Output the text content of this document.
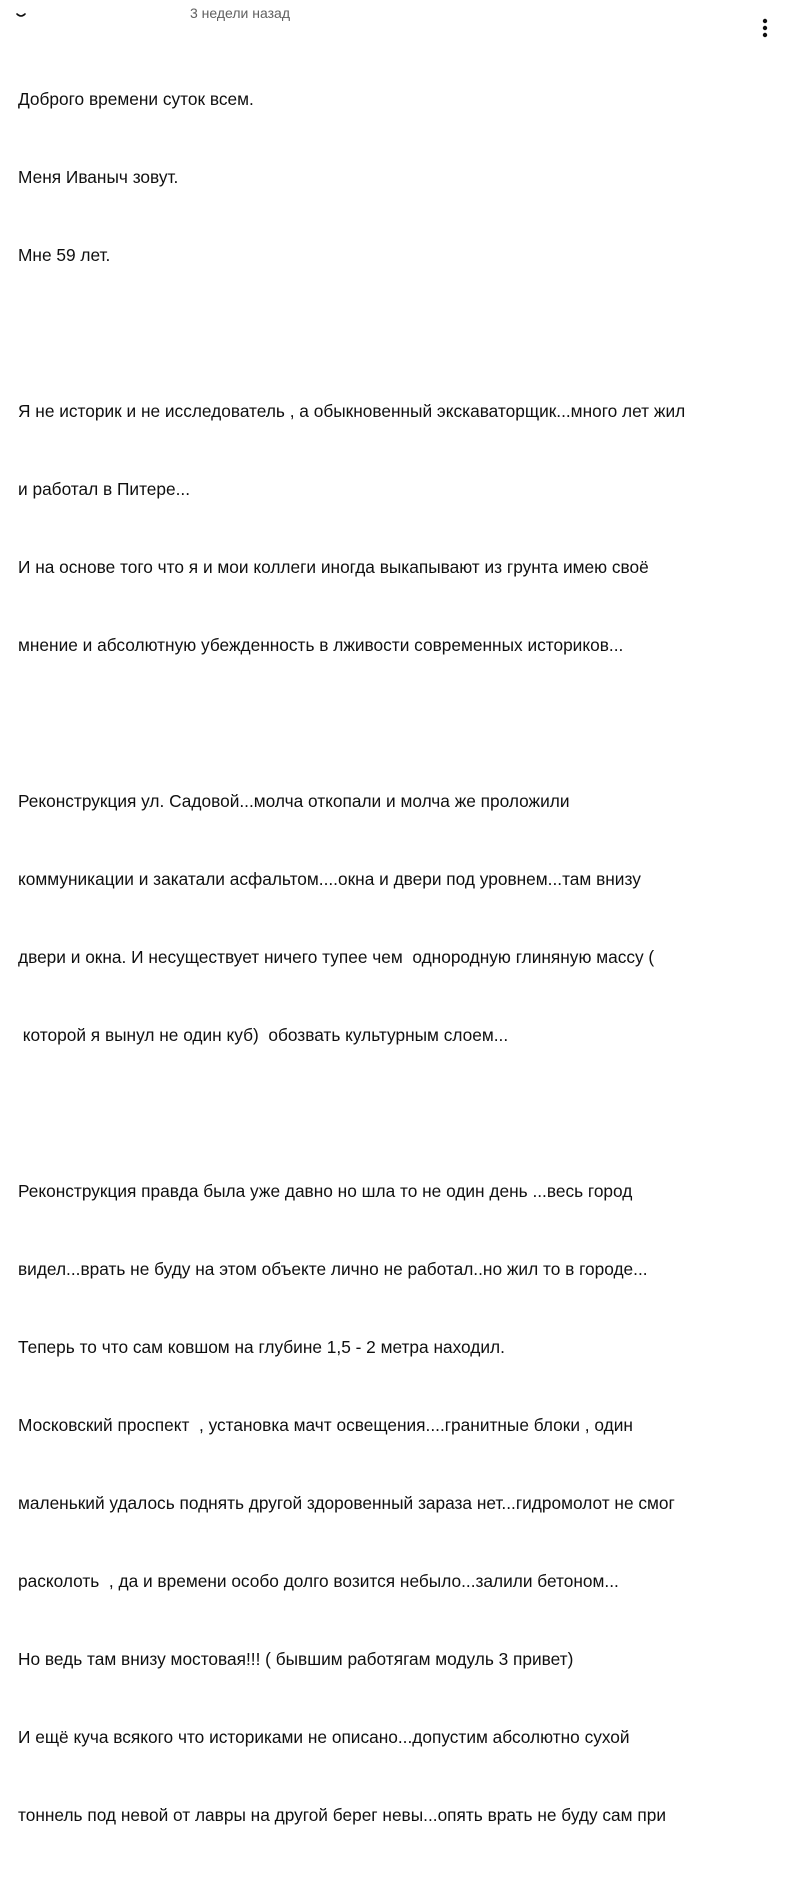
3 недели назад

Доброго времени суток всем.

Меня Иваныч зовут.

Мне 59 лет.

Я не историк и не исследователь , а обыкновенный экскаваторщик...много лет жил

и работал в Питере...

И на основе того что я и мои коллеги иногда выкапывают из грунта имею своё

мнение и абсолютную убежденность в лживости современных историков...

Реконструкция ул. Садовой...молча откопали и молча же проложили

коммуникации и закатали асфальтом....окна и двери под уровнем...там внизу

двери и окна. И несуществует ничего тупее чем  однородную глиняную массу (

которой я вынул не один куб)  обозвать культурным слоем...

Реконструкция правда была уже давно но шла то не один день ...весь город

видел...врать не буду на этом объекте лично не работал..но жил то в городе...

Теперь то что сам ковшом на глубине 1,5 - 2 метра находил.

Московский проспект  , установка мачт освещения....гранитные блоки , один

маленький удалось поднять другой здоровенный зараза нет...гидромолот не смог

расколоть  , да и времени особо долго возится небыло...залили бетоном...

Но ведь там внизу мостовая!!! ( бывшим работягам модуль 3 привет)

И ещё куча всякого что историками не описано...допустим абсолютно сухой

тоннель под невой от лавры на другой берег невы...опять врать не буду сам при
